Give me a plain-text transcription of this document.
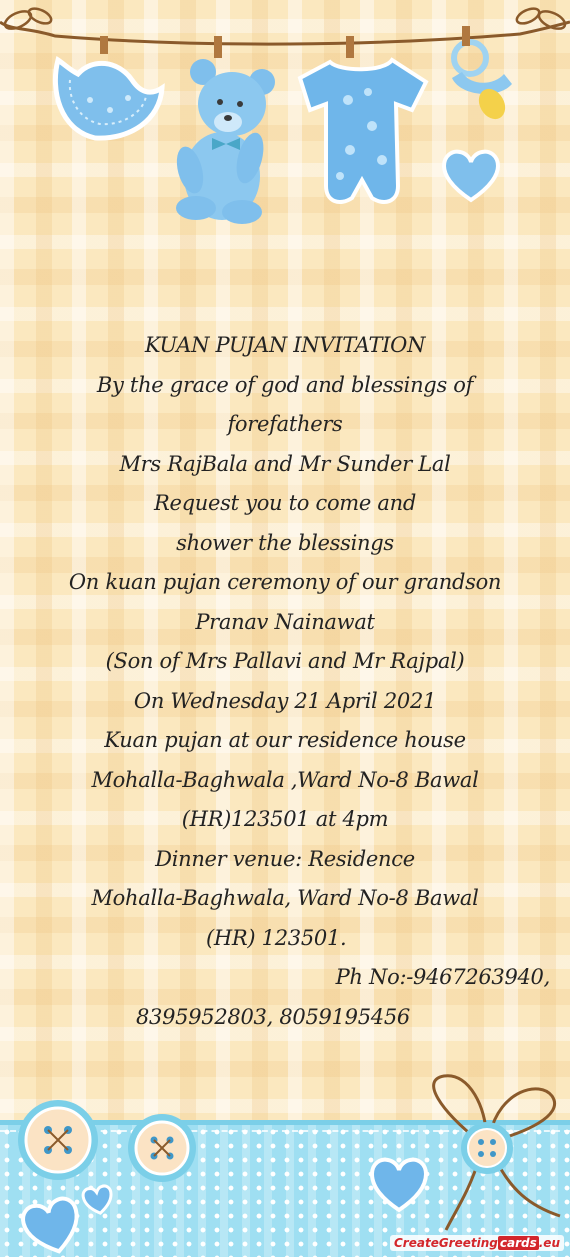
KUAN PUJAN INVITATION
By the grace of god and blessings of
forefathers
Mrs RajBala and Mr Sunder Lal
Request you to come and
shower the blessings
On kuan pujan ceremony of our grandson
Pranav Nainawat
(Son of Mrs Pallavi and Mr Rajpal)
On Wednesday 21 April 2021
Kuan pujan at our residence house
Mohalla-Baghwala ,Ward No-8 Bawal
(HR)123501 at 4pm
Dinner venue: Residence
Mohalla-Baghwala, Ward No-8 Bawal
(HR) 123501.
Ph No:-9467263940,
8395952803, 8059195456
CreateGreeting cards .eu
